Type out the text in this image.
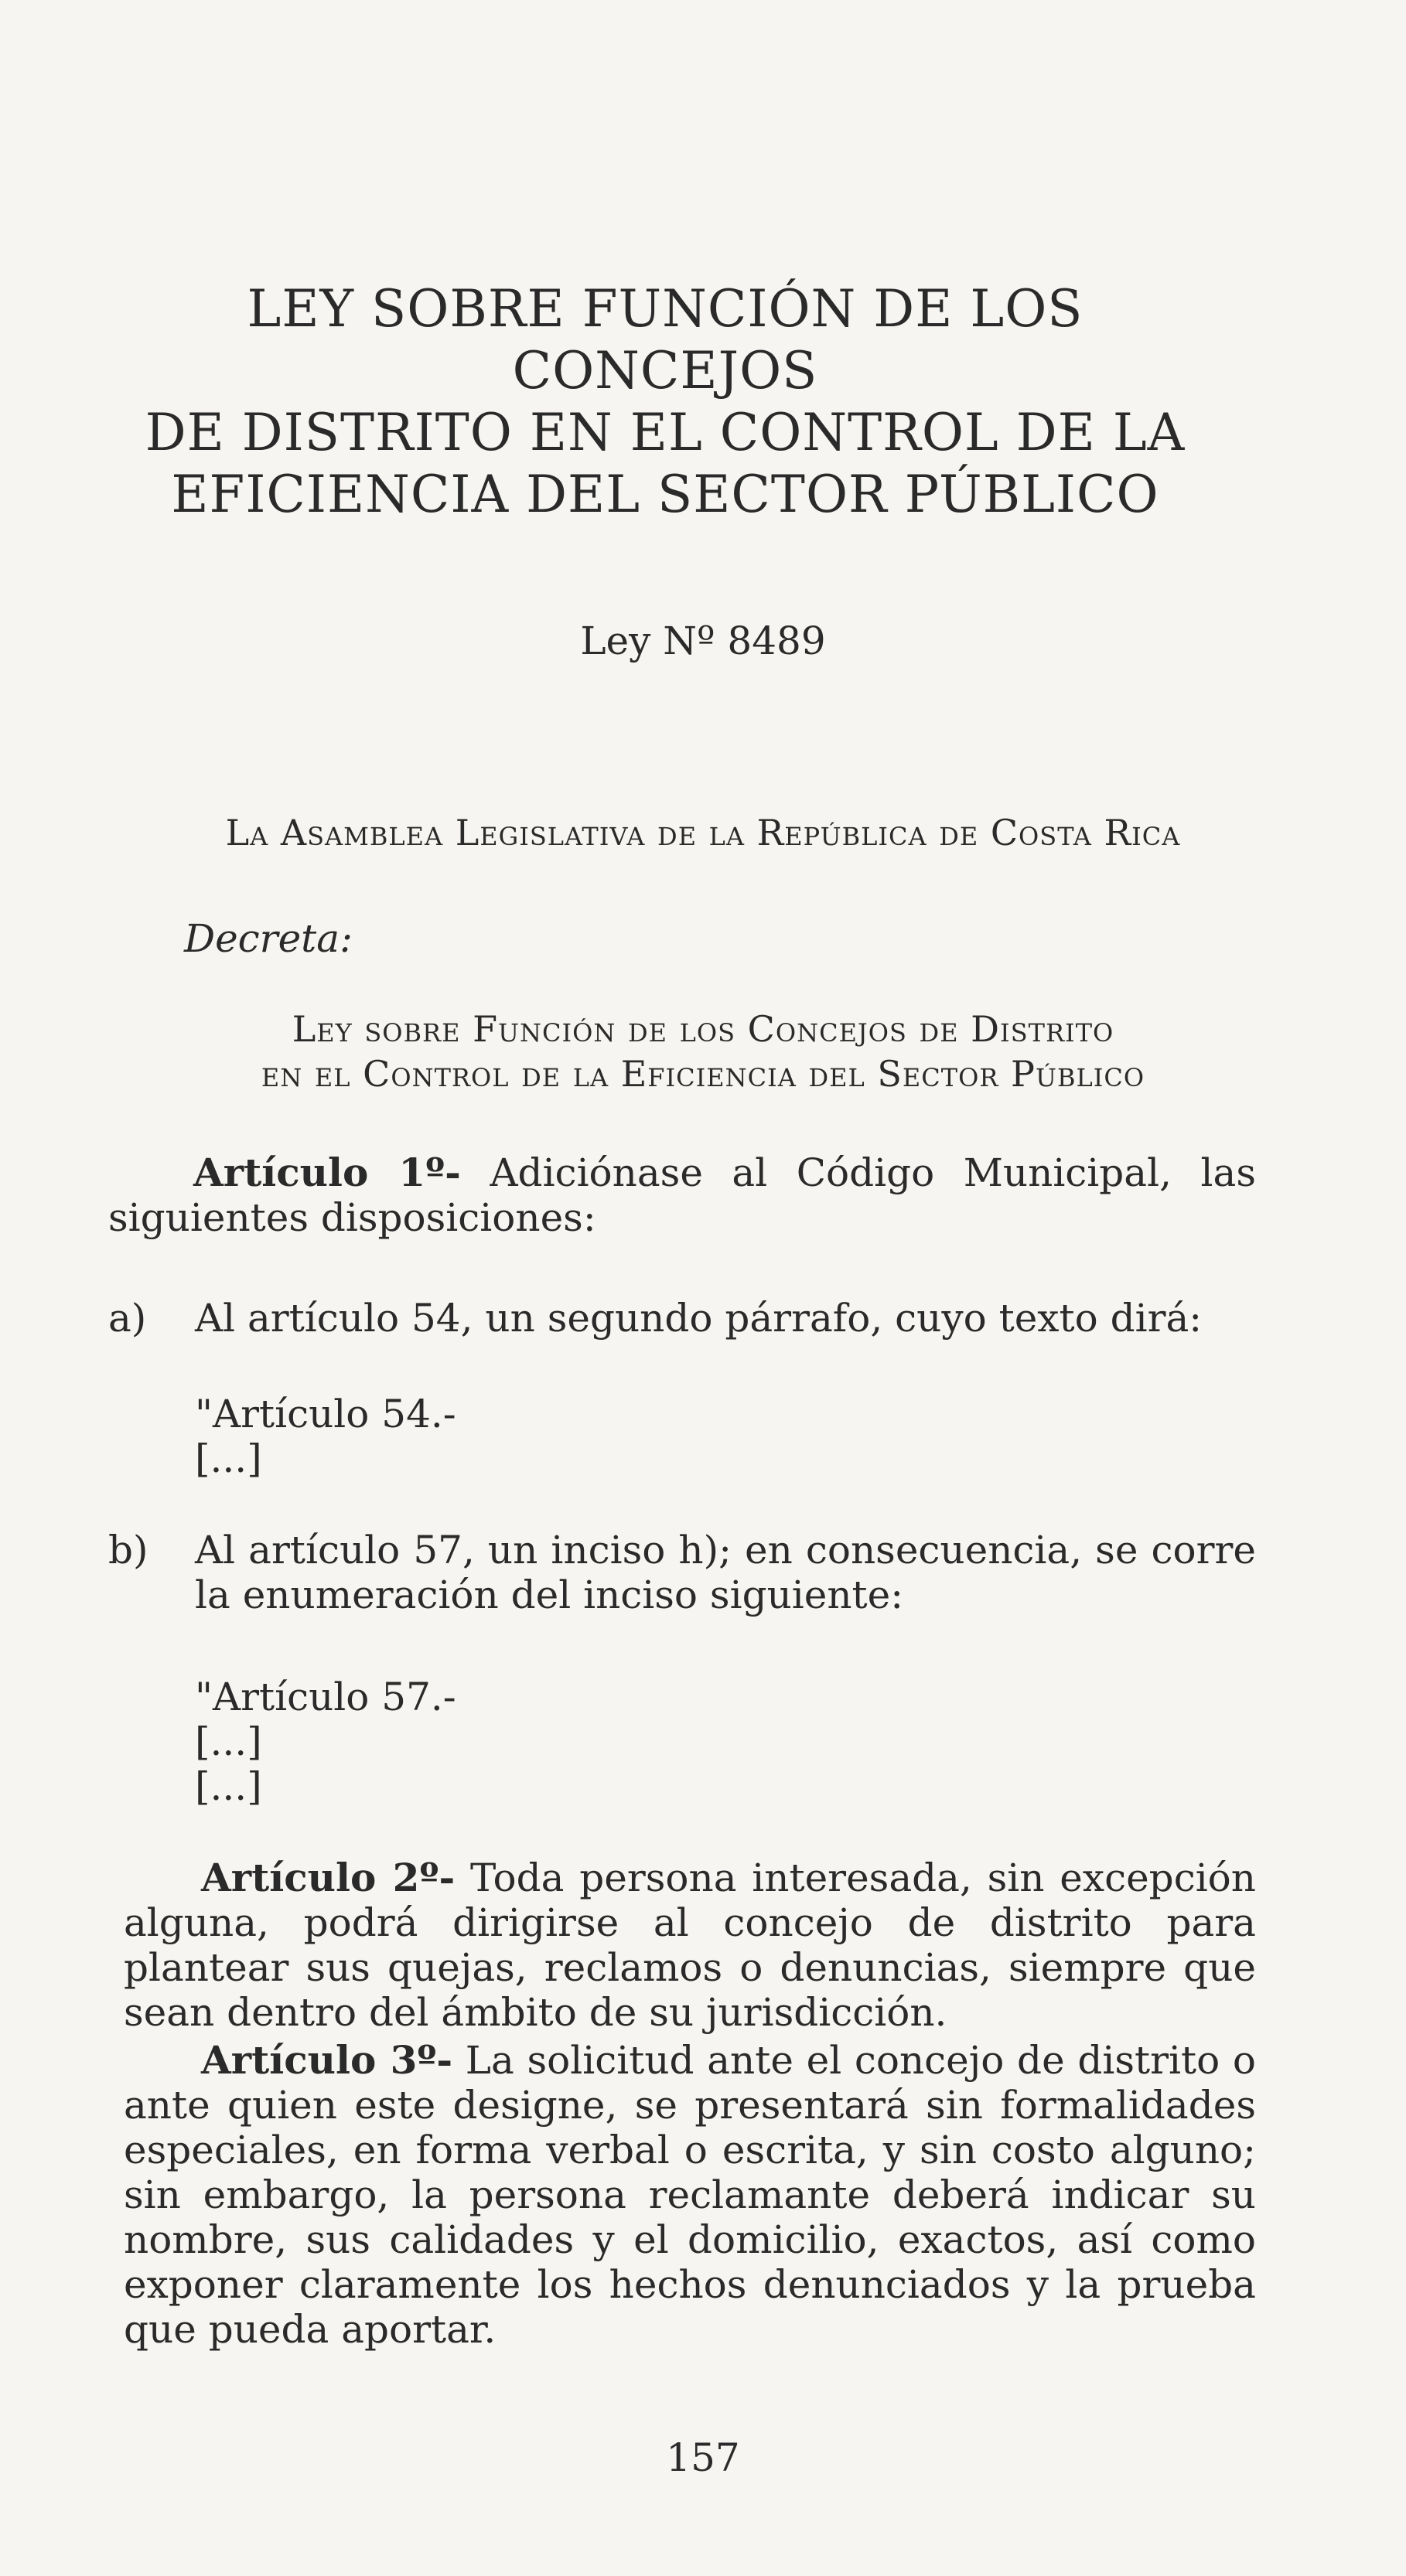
LEY SOBRE FUNCIÓN DE LOS CONCEJOS
DE DISTRITO EN EL CONTROL DE LA
EFICIENCIA DEL SECTOR PÚBLICO
Ley Nº 8489
La Asamblea Legislativa de la República de Costa Rica
Decreta:
Ley sobre Función de los Concejos de Distrito
en el Control de la Eficiencia del Sector Público

Artículo 1º- Adiciónase al Código Municipal, las siguientes disposiciones:

a) Al artículo 54, un segundo párrafo, cuyo texto dirá:
"Artículo 54.-
[...]
b) Al artículo 57, un inciso h); en consecuencia, se corre la enumeración del inciso siguiente:
"Artículo 57.-
[...]
[...]

Artículo 2º- Toda persona interesada, sin excepción alguna, podrá dirigirse al concejo de distrito para plantear sus quejas, reclamos o denuncias, siempre que sean dentro del ámbito de su jurisdicción.

Artículo 3º- La solicitud ante el concejo de distrito o ante quien este designe, se presentará sin formalidades especiales, en forma verbal o escrita, y sin costo alguno; sin embargo, la persona reclamante deberá indicar su nombre, sus calidades y el domicilio, exactos, así como exponer claramente los hechos denunciados y la prueba que pueda aportar.

157
